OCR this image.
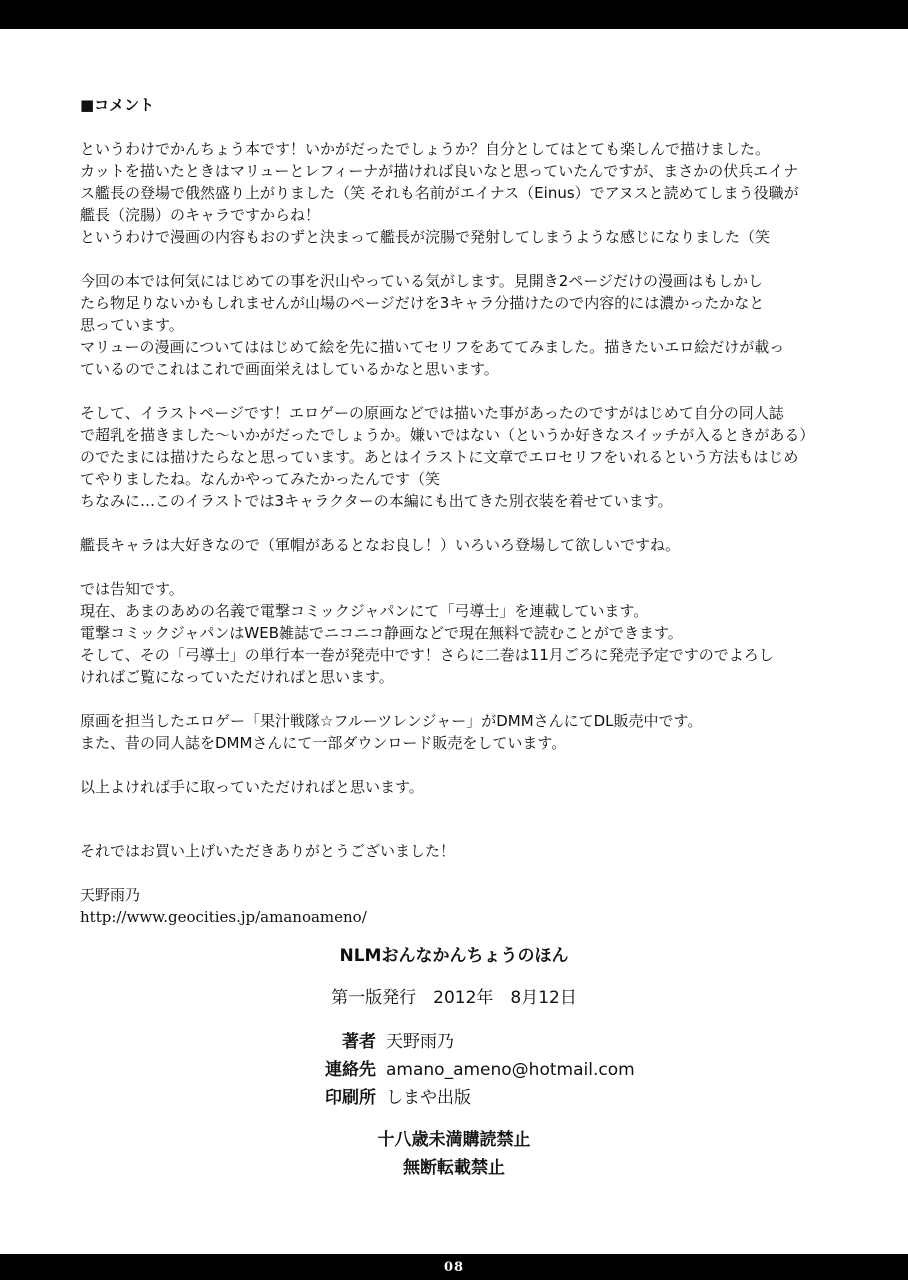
■コメント
というわけでかんちょう本です！いかがだったでしょうか？自分としてはとても楽しんで描けました。
カットを描いたときはマリューとレフィーナが描ければ良いなと思っていたんですが、まさかの伏兵エイナ
ス艦長の登場で俄然盛り上がりました（笑 それも名前がエイナス（Einus）でアヌスと読めてしまう役職が
艦長（浣腸）のキャラですからね！
というわけで漫画の内容もおのずと決まって艦長が浣腸で発射してしまうような感じになりました（笑
今回の本では何気にはじめての事を沢山やっている気がします。見開き2ページだけの漫画はもしかし
たら物足りないかもしれませんが山場のページだけを3キャラ分描けたので内容的には濃かったかなと
思っています。
マリューの漫画についてははじめて絵を先に描いてセリフをあててみました。描きたいエロ絵だけが載っ
ているのでこれはこれで画面栄えはしているかなと思います。
そして、イラストページです！エロゲーの原画などでは描いた事があったのですがはじめて自分の同人誌
で超乳を描きました～いかがだったでしょうか。嫌いではない（というか好きなスイッチが入るときがある）
のでたまには描けたらなと思っています。あとはイラストに文章でエロセリフをいれるという方法もはじめ
てやりましたね。なんかやってみたかったんです（笑
ちなみに…このイラストでは3キャラクターの本編にも出てきた別衣装を着せています。
艦長キャラは大好きなので（軍帽があるとなお良し！）いろいろ登場して欲しいですね。
では告知です。
現在、あまのあめの名義で電撃コミックジャパンにて「弓導士」を連載しています。
電撃コミックジャパンはWEB雑誌でニコニコ静画などで現在無料で読むことができます。
そして、その「弓導士」の単行本一巻が発売中です！さらに二巻は11月ごろに発売予定ですのでよろし
ければご覧になっていただければと思います。
原画を担当したエロゲー「果汁戦隊☆フルーツレンジャー」がDMMさんにてDL販売中です。
また、昔の同人誌をDMMさんにて一部ダウンロード販売をしています。
以上よければ手に取っていただければと思います。
それではお買い上げいただきありがとうございました！
天野雨乃
http://www.geocities.jp/amanoameno/
NLMおんなかんちょうのほん
第一版発行　2012年　8月12日
著者 天野雨乃
連絡先 amano_ameno@hotmail.com
印刷所 しまや出版
十八歳未満購読禁止
無断転載禁止
08
